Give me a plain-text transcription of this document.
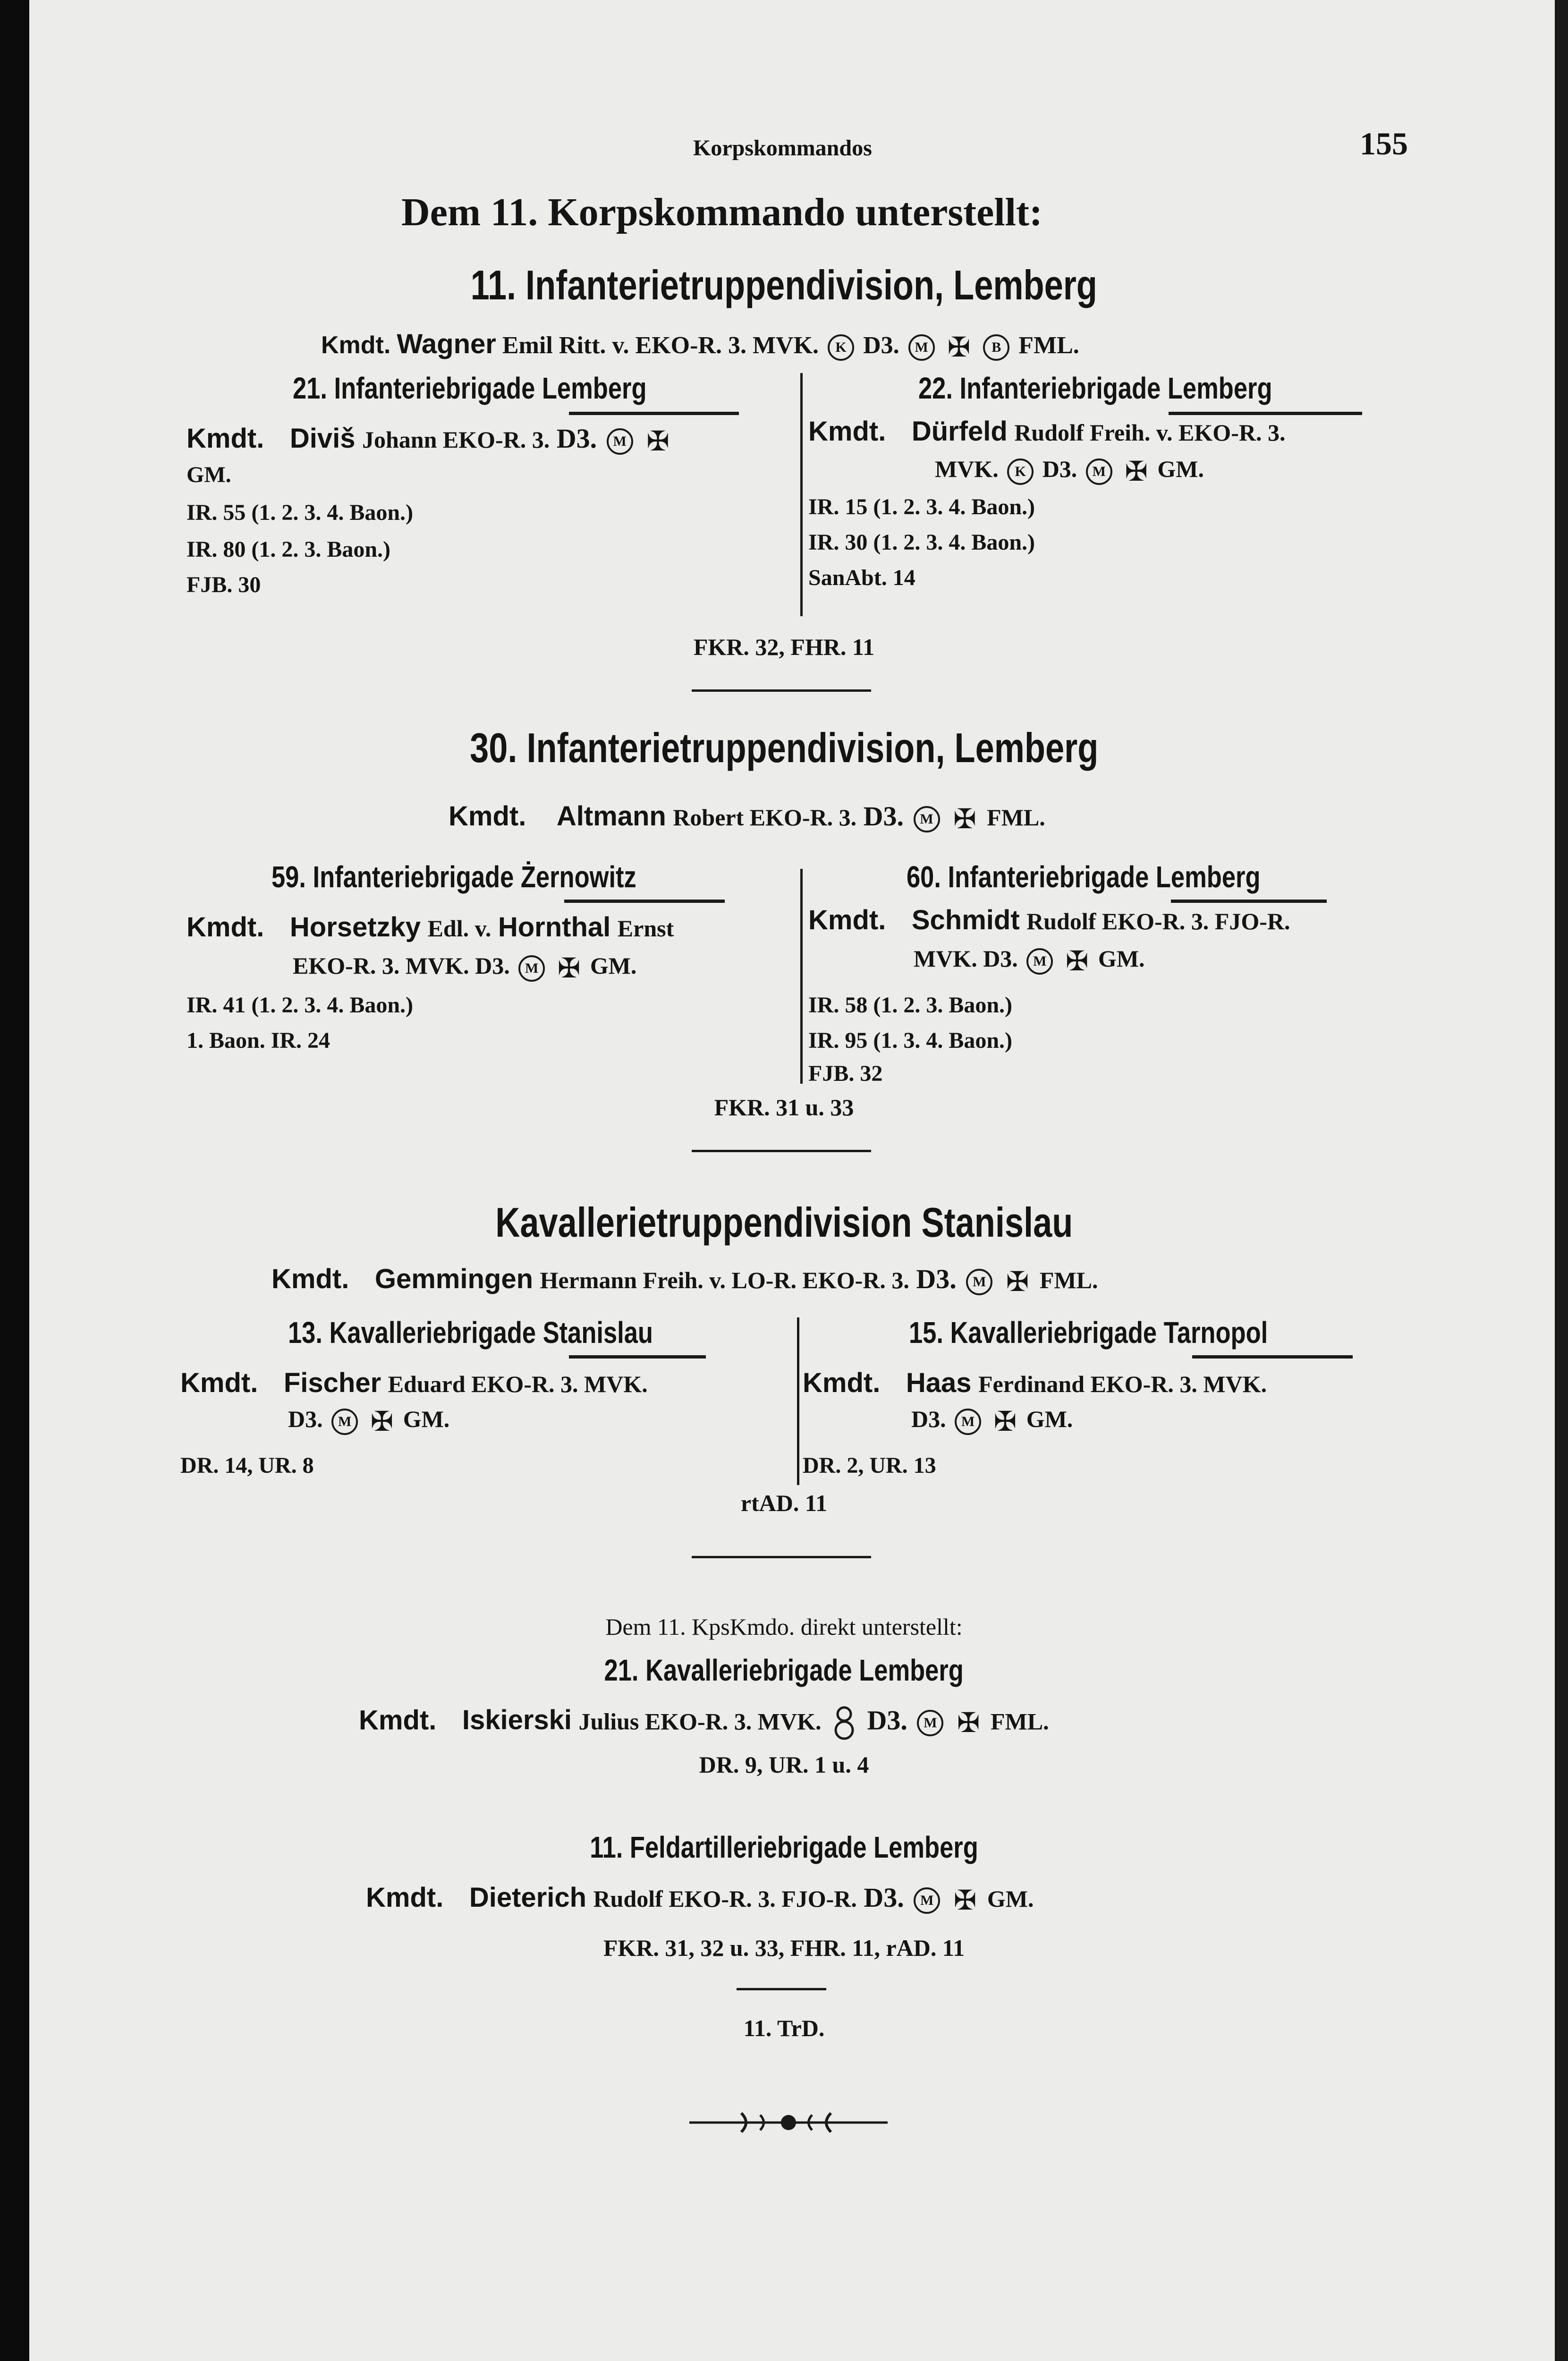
Korpskommandos	155
Dem 11. Korpskommando unterstellt:
11. Infanterietruppendivision, Lemberg
Kmdt. Wagner Emil Ritt. v. EKO-R. 3. MVK. K D3. M ✠ B FML.
21. Infanteriebrigade Lemberg
Kmdt. Diviš Johann EKO-R. 3. D3. M ✠
GM.
IR. 55 (1. 2. 3. 4. Baon.)
IR. 80 (1. 2. 3. Baon.)
FJB. 30
22. Infanteriebrigade Lemberg
Kmdt. Dürfeld Rudolf Freih. v. EKO-R. 3.
MVK. K D3. M ✠ GM.
IR. 15 (1. 2. 3. 4. Baon.)
IR. 30 (1. 2. 3. 4. Baon.)
SanAbt. 14
FKR. 32, FHR. 11
30. Infanterietruppendivision, Lemberg
Kmdt. Altmann Robert EKO-R. 3. D3. M ✠ FML.
59. Infanteriebrigade Żernowitz
Kmdt. Horsetzky Edl. v. Hornthal Ernst
EKO-R. 3. MVK. D3. M ✠ GM.
IR. 41 (1. 2. 3. 4. Baon.)
1. Baon. IR. 24
60. Infanteriebrigade Lemberg
Kmdt. Schmidt Rudolf EKO-R. 3. FJO-R.
MVK. D3. M ✠ GM.
IR. 58 (1. 2. 3. Baon.)
IR. 95 (1. 3. 4. Baon.)
FJB. 32
FKR. 31 u. 33
Kavallerietruppendivision Stanislau
Kmdt. Gemmingen Hermann Freih. v. LO-R. EKO-R. 3. D3. M ✠ FML.
13. Kavalleriebrigade Stanislau
Kmdt. Fischer Eduard EKO-R. 3. MVK.
D3. M ✠ GM.
DR. 14, UR. 8
15. Kavalleriebrigade Tarnopol
Kmdt. Haas Ferdinand EKO-R. 3. MVK.
D3. M ✠ GM.
DR. 2, UR. 13
rtAD. 11
Dem 11. KpsKmdo. direkt unterstellt:
21. Kavalleriebrigade Lemberg
Kmdt. Iskierski Julius EKO-R. 3. MVK. D3. M ✠ FML.
DR. 9, UR. 1 u. 4
11. Feldartilleriebrigade Lemberg
Kmdt. Dieterich Rudolf EKO-R. 3. FJO-R. D3. M ✠ GM.
FKR. 31, 32 u. 33, FHR. 11, rAD. 11
11. TrD.
